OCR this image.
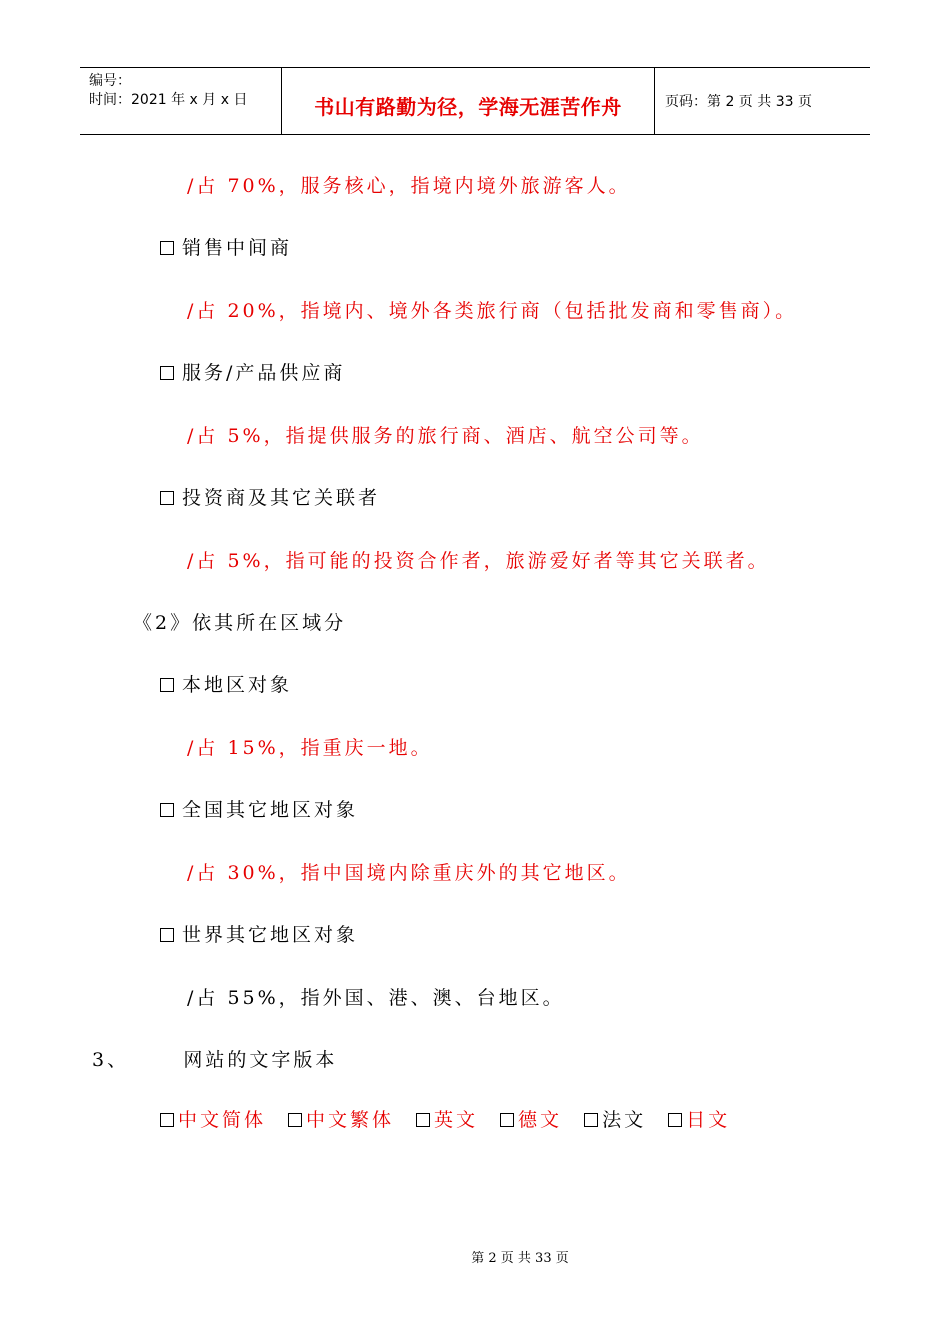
编号：
时间：2021 年 x 月 x 日	书山有路勤为径，学海无涯苦作舟	页码：第 2 页 共 33 页
/占 70%，服务核心，指境内境外旅游客人。
销售中间商
/占 20%，指境内、境外各类旅行商（包括批发商和零售商）。
服务/产品供应商
/占 5%，指提供服务的旅行商、酒店、航空公司等。
投资商及其它关联者
/占 5%，指可能的投资合作者，旅游爱好者等其它关联者。
《2》依其所在区域分
本地区对象
/占 15%，指重庆一地。
全国其它地区对象
/占 30%，指中国境内除重庆外的其它地区。
世界其它地区对象
/占 55%，指外国、港、澳、台地区。
3、      网站的文字版本
中文简体 中文繁体 英文 德文 法文 日文
第 2 页 共 33 页
